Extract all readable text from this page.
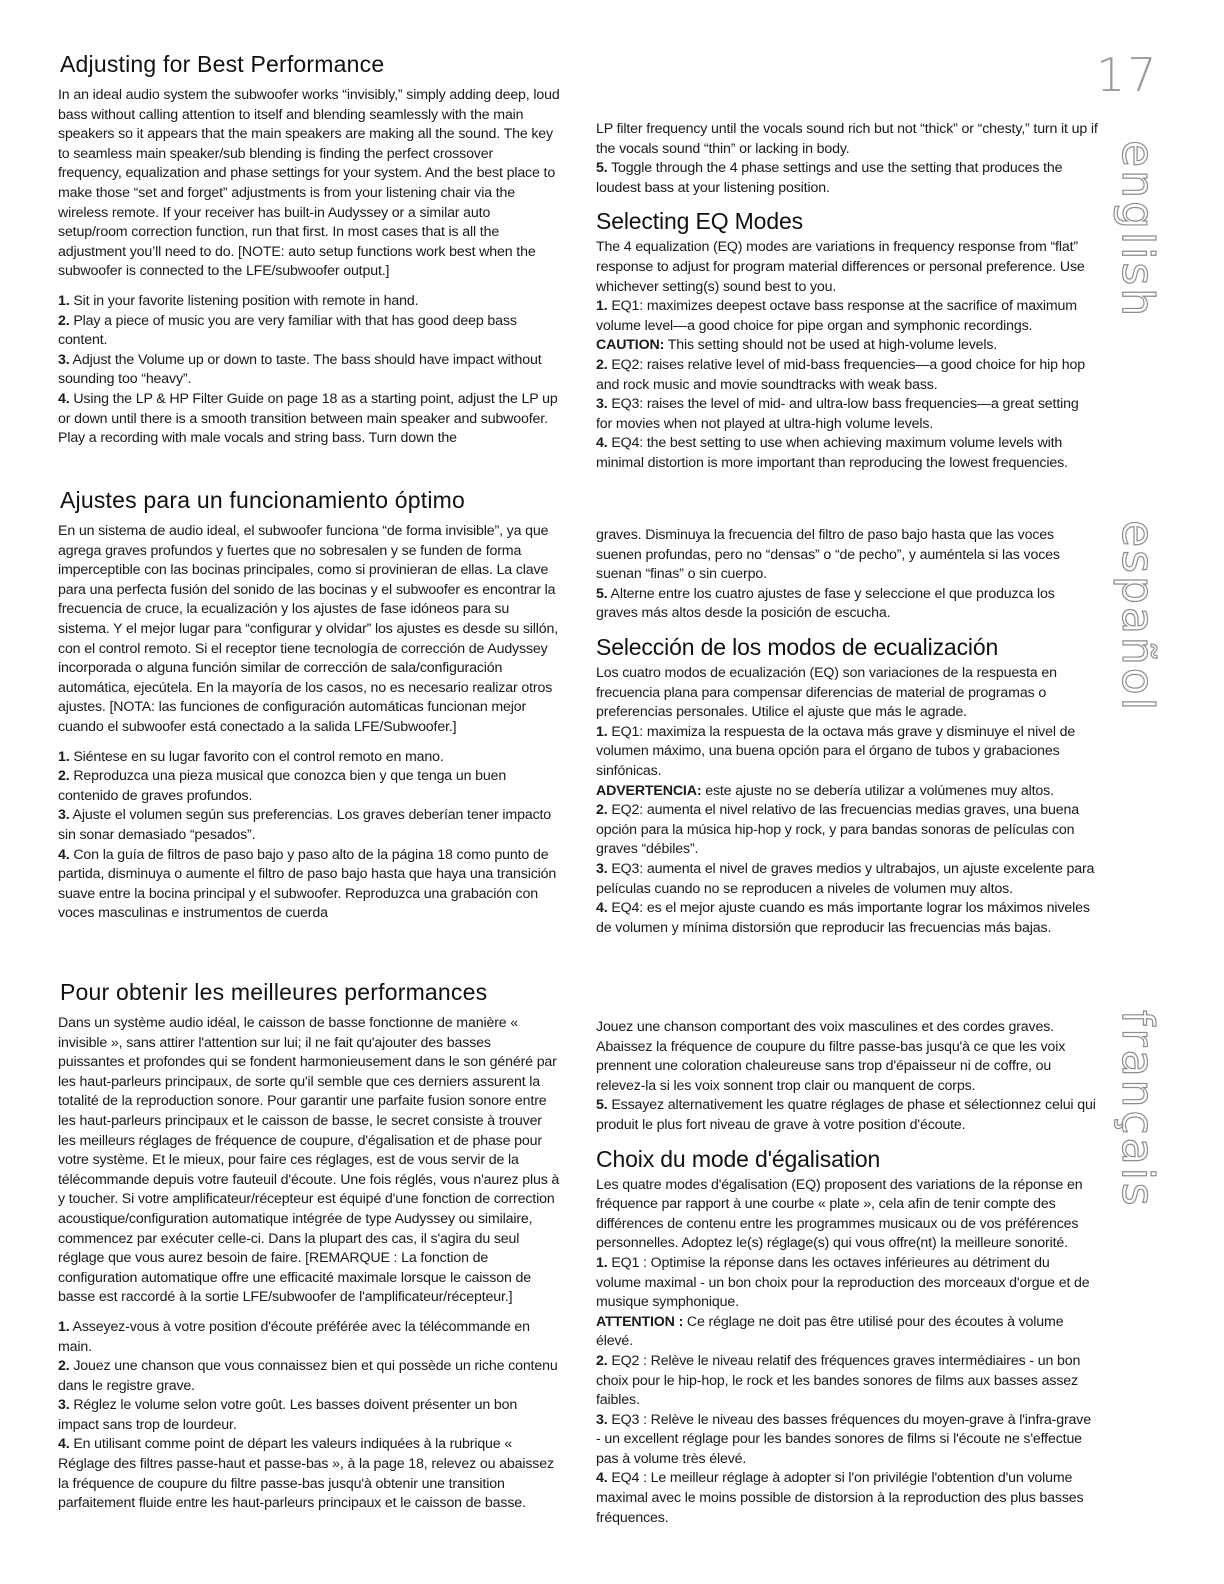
17
english
español
français
Adjusting for Best Performance

In an ideal audio system the subwoofer works “invisibly,” simply adding deep, loud bass without calling attention to itself and blending seamlessly with the main speakers so it appears that the main speakers are making all the sound. The key to seamless main speaker/sub blending is finding the perfect crossover frequency, equalization and phase settings for your system. And the best place to make those “set and forget” adjustments is from your listening chair via the wireless remote. If your receiver has built-in Audyssey or a similar auto setup/room correction function, run that first. In most cases that is all the adjustment you’ll need to do. [NOTE: auto setup functions work best when the subwoofer is connected to the LFE/subwoofer output.]

1. Sit in your favorite listening position with remote in hand.

2. Play a piece of music you are very familiar with that has good deep bass content.

3. Adjust the Volume up or down to taste. The bass should have impact without sounding too “heavy”.

4. Using the LP & HP Filter Guide on page 18 as a starting point, adjust the LP up or down until there is a smooth transition between main speaker and subwoofer. Play a recording with male vocals and string bass. Turn down the

LP filter frequency until the vocals sound rich but not “thick” or “chesty,” turn it up if the vocals sound “thin” or lacking in body.

5. Toggle through the 4 phase settings and use the setting that produces the loudest bass at your listening position.

Selecting EQ Modes

The 4 equalization (EQ) modes are variations in frequency response from “flat” response to adjust for program material differences or personal preference. Use whichever setting(s) sound best to you.

1. EQ1: maximizes deepest octave bass response at the sacrifice of maximum volume level—a good choice for pipe organ and symphonic recordings.

CAUTION: This setting should not be used at high-volume levels.

2. EQ2: raises relative level of mid-bass frequencies—a good choice for hip hop and rock music and movie soundtracks with weak bass.

3. EQ3: raises the level of mid- and ultra-low bass frequencies—a great setting for movies when not played at ultra-high volume levels.

4. EQ4: the best setting to use when achieving maximum volume levels with minimal distortion is more important than reproducing the lowest frequencies.

Ajustes para un funcionamiento óptimo

En un sistema de audio ideal, el subwoofer funciona “de forma invisible”, ya que agrega graves profundos y fuertes que no sobresalen y se funden de forma imperceptible con las bocinas principales, como si provinieran de ellas. La clave para una perfecta fusión del sonido de las bocinas y el subwoofer es encontrar la frecuencia de cruce, la ecualización y los ajustes de fase idóneos para su sistema. Y el mejor lugar para “configurar y olvidar” los ajustes es desde su sillón, con el control remoto. Si el receptor tiene tecnología de corrección de Audyssey incorporada o alguna función similar de corrección de sala/configuración automática, ejecútela. En la mayoría de los casos, no es necesario realizar otros ajustes. [NOTA: las funciones de configuración automáticas funcionan mejor cuando el subwoofer está conectado a la salida LFE/Subwoofer.]

1. Siéntese en su lugar favorito con el control remoto en mano.

2. Reproduzca una pieza musical que conozca bien y que tenga un buen contenido de graves profundos.

3. Ajuste el volumen según sus preferencias. Los graves deberían tener impacto sin sonar demasiado “pesados”.

4. Con la guía de filtros de paso bajo y paso alto de la página 18 como punto de partida, disminuya o aumente el filtro de paso bajo hasta que haya una transición suave entre la bocina principal y el subwoofer. Reproduzca una grabación con voces masculinas e instrumentos de cuerda

graves. Disminuya la frecuencia del filtro de paso bajo hasta que las voces suenen profundas, pero no “densas” o “de pecho”, y auméntela si las voces suenan “finas” o sin cuerpo.

5. Alterne entre los cuatro ajustes de fase y seleccione el que produzca los graves más altos desde la posición de escucha.

Selección de los modos de ecualización

Los cuatro modos de ecualización (EQ) son variaciones de la respuesta en frecuencia plana para compensar diferencias de material de programas o preferencias personales. Utilice el ajuste que más le agrade.

1. EQ1: maximiza la respuesta de la octava más grave y disminuye el nivel de volumen máximo, una buena opción para el órgano de tubos y grabaciones sinfónicas.

ADVERTENCIA: este ajuste no se debería utilizar a volúmenes muy altos.

2. EQ2: aumenta el nivel relativo de las frecuencias medias graves, una buena opción para la música hip-hop y rock, y para bandas sonoras de películas con graves “débiles”.

3. EQ3: aumenta el nivel de graves medios y ultrabajos, un ajuste excelente para películas cuando no se reproducen a niveles de volumen muy altos.

4. EQ4: es el mejor ajuste cuando es más importante lograr los máximos niveles de volumen y mínima distorsión que reproducir las frecuencias más bajas.

Pour obtenir les meilleures performances

Dans un système audio idéal, le caisson de basse fonctionne de manière « invisible », sans attirer l'attention sur lui; il ne fait qu'ajouter des basses puissantes et profondes qui se fondent harmonieusement dans le son généré par les haut-parleurs principaux, de sorte qu'il semble que ces derniers assurent la totalité de la reproduction sonore. Pour garantir une parfaite fusion sonore entre les haut-parleurs principaux et le caisson de basse, le secret consiste à trouver les meilleurs réglages de fréquence de coupure, d'égalisation et de phase pour votre système. Et le mieux, pour faire ces réglages, est de vous servir de la télécommande depuis votre fauteuil d'écoute. Une fois réglés, vous n'aurez plus à y toucher. Si votre amplificateur/récepteur est équipé d'une fonction de correction acoustique/configuration automatique intégrée de type Audyssey ou similaire, commencez par exécuter celle-ci. Dans la plupart des cas, il s'agira du seul réglage que vous aurez besoin de faire. [REMARQUE : La fonction de configuration automatique offre une efficacité maximale lorsque le caisson de basse est raccordé à la sortie LFE/subwoofer de l'amplificateur/récepteur.]

1. Asseyez-vous à votre position d'écoute préférée avec la télécommande en main.

2. Jouez une chanson que vous connaissez bien et qui possède un riche contenu dans le registre grave.

3. Réglez le volume selon votre goût. Les basses doivent présenter un bon impact sans trop de lourdeur.

4. En utilisant comme point de départ les valeurs indiquées à la rubrique « Réglage des filtres passe-haut et passe-bas », à la page 18, relevez ou abaissez la fréquence de coupure du filtre passe-bas jusqu'à obtenir une transition parfaitement fluide entre les haut-parleurs principaux et le caisson de basse.

Jouez une chanson comportant des voix masculines et des cordes graves. Abaissez la fréquence de coupure du filtre passe-bas jusqu'à ce que les voix prennent une coloration chaleureuse sans trop d'épaisseur ni de coffre, ou relevez-la si les voix sonnent trop clair ou manquent de corps.

5. Essayez alternativement les quatre réglages de phase et sélectionnez celui qui produit le plus fort niveau de grave à votre position d'écoute.

Choix du mode d'égalisation

Les quatre modes d'égalisation (EQ) proposent des variations de la réponse en fréquence par rapport à une courbe « plate », cela afin de tenir compte des différences de contenu entre les programmes musicaux ou de vos préférences personnelles. Adoptez le(s) réglage(s) qui vous offre(nt) la meilleure sonorité.

1. EQ1 : Optimise la réponse dans les octaves inférieures au détriment du volume maximal - un bon choix pour la reproduction des morceaux d'orgue et de musique symphonique.

ATTENTION : Ce réglage ne doit pas être utilisé pour des écoutes à volume élevé.

2. EQ2 : Relève le niveau relatif des fréquences graves intermédiaires - un bon choix pour le hip-hop, le rock et les bandes sonores de films aux basses assez faibles.

3. EQ3 : Relève le niveau des basses fréquences du moyen-grave à l'infra-grave - un excellent réglage pour les bandes sonores de films si l'écoute ne s'effectue pas à volume très élevé.

4. EQ4 : Le meilleur réglage à adopter si l'on privilégie l'obtention d'un volume maximal avec le moins possible de distorsion à la reproduction des plus basses fréquences.
